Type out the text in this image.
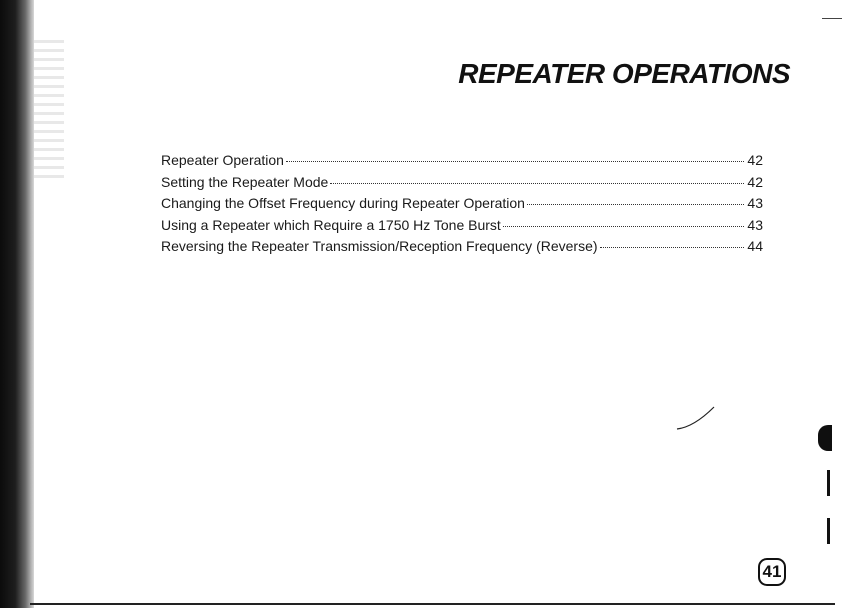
REPEATER OPERATIONS
Repeater Operation	42
Setting the Repeater Mode	42
Changing the Offset Frequency during Repeater Operation	43
Using a Repeater which Require a 1750 Hz Tone Burst	43
Reversing the Repeater Transmission/Reception Frequency (Reverse)	44
41
